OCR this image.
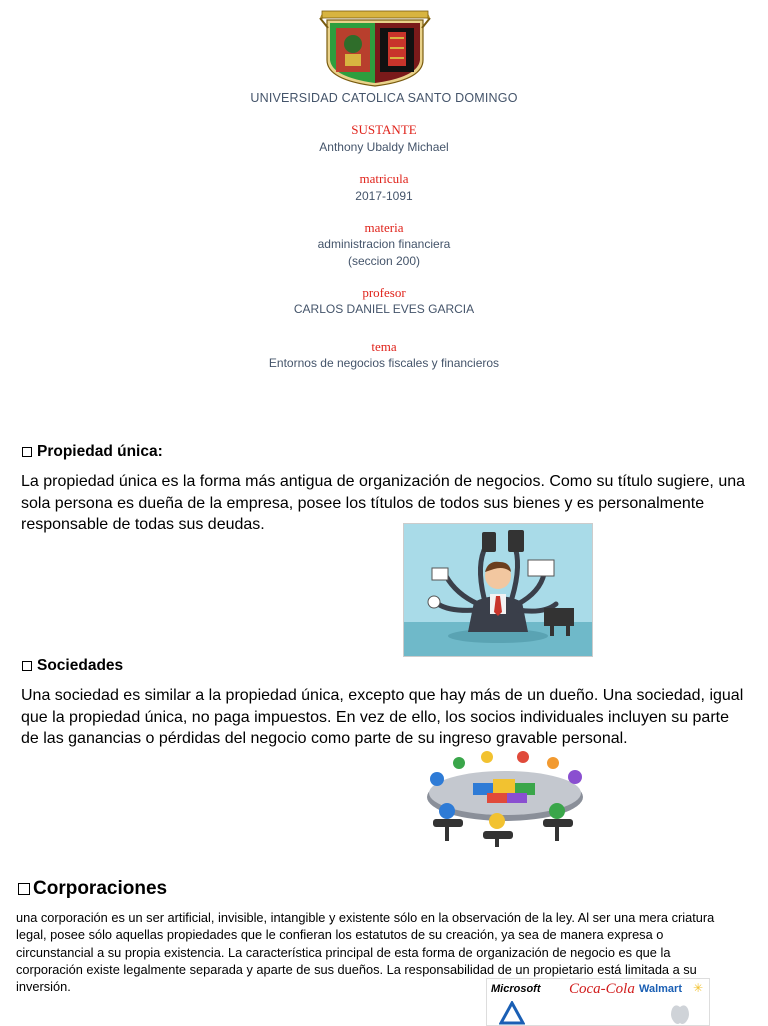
UNIVERSIDAD CATOLICA SANTO DOMINGO
SUSTANTE
Anthony Ubaldy Michael
matricula
2017-1091
materia
administracion financiera
(seccion 200)
profesor
CARLOS DANIEL EVES GARCIA
tema
Entornos de negocios fiscales y financieros
Propiedad única:
La propiedad única es la forma más antigua de organización de negocios. Como su título sugiere, una sola persona es dueña de la empresa, posee los títulos de todos sus bienes y es personalmente responsable de todas sus deudas.
Sociedades
Una sociedad es similar a la propiedad única, excepto que hay más de un dueño. Una sociedad, igual que la propiedad única, no paga impuestos. En vez de ello, los socios individuales incluyen su parte de las ganancias o pérdidas del negocio como parte de su ingreso gravable personal.
Corporaciones
una corporación es un ser artificial, invisible, intangible y existente sólo en la observación de la ley. Al ser una mera criatura legal, posee sólo aquellas propiedades que le confieran los estatutos de su creación, ya sea de manera expresa o circunstancial a su propia existencia. La característica principal de esta forma de organización de negocio es que la corporación existe legalmente separada y aparte de sus dueños. La responsabilidad de un propietario está limitada a su inversión.	Microsoft Coca-Cola Walmart ✳
